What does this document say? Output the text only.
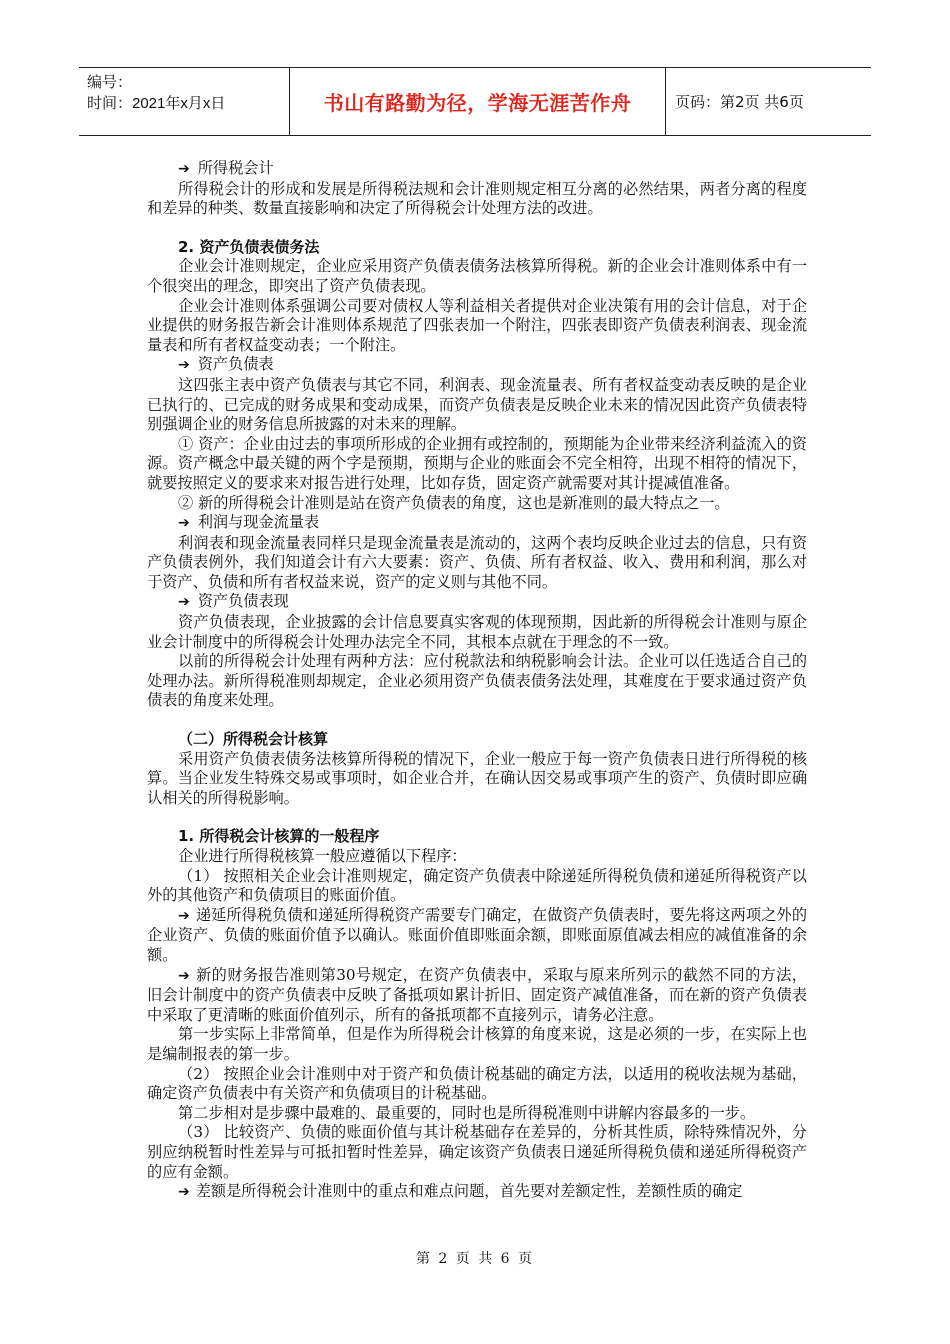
编号：
时间：2021年x月x日	书山有路勤为径，学海无涯苦作舟	页码：第2页 共6页

➔ 所得税会计

所得税会计的形成和发展是所得税法规和会计准则规定相互分离的必然结果，两者分离的程度和差异的种类、数量直接影响和决定了所得税会计处理方法的改进。

2. 资产负债表债务法

企业会计准则规定，企业应采用资产负债表债务法核算所得税。新的企业会计准则体系中有一个很突出的理念，即突出了资产负债表现。

企业会计准则体系强调公司要对债权人等利益相关者提供对企业决策有用的会计信息，对于企业提供的财务报告新会计准则体系规范了四张表加一个附注，四张表即资产负债表利润表、现金流量表和所有者权益变动表；一个附注。

➔ 资产负债表

这四张主表中资产负债表与其它不同，利润表、现金流量表、所有者权益变动表反映的是企业已执行的、已完成的财务成果和变动成果，而资产负债表是反映企业未来的情况因此资产负债表特别强调企业的财务信息所披露的对未来的理解。

① 资产：企业由过去的事项所形成的企业拥有或控制的，预期能为企业带来经济利益流入的资源。资产概念中最关键的两个字是预期，预期与企业的账面会不完全相符，出现不相符的情况下，就要按照定义的要求来对报告进行处理，比如存货，固定资产就需要对其计提减值准备。

② 新的所得税会计准则是站在资产负债表的角度，这也是新准则的最大特点之一。

➔ 利润与现金流量表

利润表和现金流量表同样只是现金流量表是流动的，这两个表均反映企业过去的信息，只有资产负债表例外，我们知道会计有六大要素：资产、负债、所有者权益、收入、费用和利润，那么对于资产、负债和所有者权益来说，资产的定义则与其他不同。

➔ 资产负债表现

资产负债表现，企业披露的会计信息要真实客观的体现预期，因此新的所得税会计准则与原企业会计制度中的所得税会计处理办法完全不同，其根本点就在于理念的不一致。

以前的所得税会计处理有两种方法：应付税款法和纳税影响会计法。企业可以任选适合自己的处理办法。新所得税准则却规定，企业必须用资产负债表债务法处理，其难度在于要求通过资产负债表的角度来处理。

（二）所得税会计核算

采用资产负债表债务法核算所得税的情况下，企业一般应于每一资产负债表日进行所得税的核算。当企业发生特殊交易或事项时，如企业合并，在确认因交易或事项产生的资产、负债时即应确认相关的所得税影响。

1. 所得税会计核算的一般程序

企业进行所得税核算一般应遵循以下程序：

（1） 按照相关企业会计准则规定，确定资产负债表中除递延所得税负债和递延所得税资产以外的其他资产和负债项目的账面价值。

➔ 递延所得税负债和递延所得税资产需要专门确定，在做资产负债表时，要先将这两项之外的企业资产、负债的账面价值予以确认。账面价值即账面余额，即账面原值减去相应的减值准备的余额。

➔ 新的财务报告准则第30号规定，在资产负债表中，采取与原来所列示的截然不同的方法，旧会计制度中的资产负债表中反映了备抵项如累计折旧、固定资产减值准备，而在新的资产负债表中采取了更清晰的账面价值列示，所有的备抵项都不直接列示，请务必注意。

第一步实际上非常简单，但是作为所得税会计核算的角度来说，这是必须的一步，在实际上也是编制报表的第一步。

（2） 按照企业会计准则中对于资产和负债计税基础的确定方法，以适用的税收法规为基础，确定资产负债表中有关资产和负债项目的计税基础。

第二步相对是步骤中最难的、最重要的，同时也是所得税准则中讲解内容最多的一步。

（3） 比较资产、负债的账面价值与其计税基础存在差异的，分析其性质，除特殊情况外，分别应纳税暂时性差异与可抵扣暂时性差异，确定该资产负债表日递延所得税负债和递延所得税资产的应有金额。

➔ 差额是所得税会计准则中的重点和难点问题，首先要对差额定性，差额性质的确定

第 2 页 共 6 页
